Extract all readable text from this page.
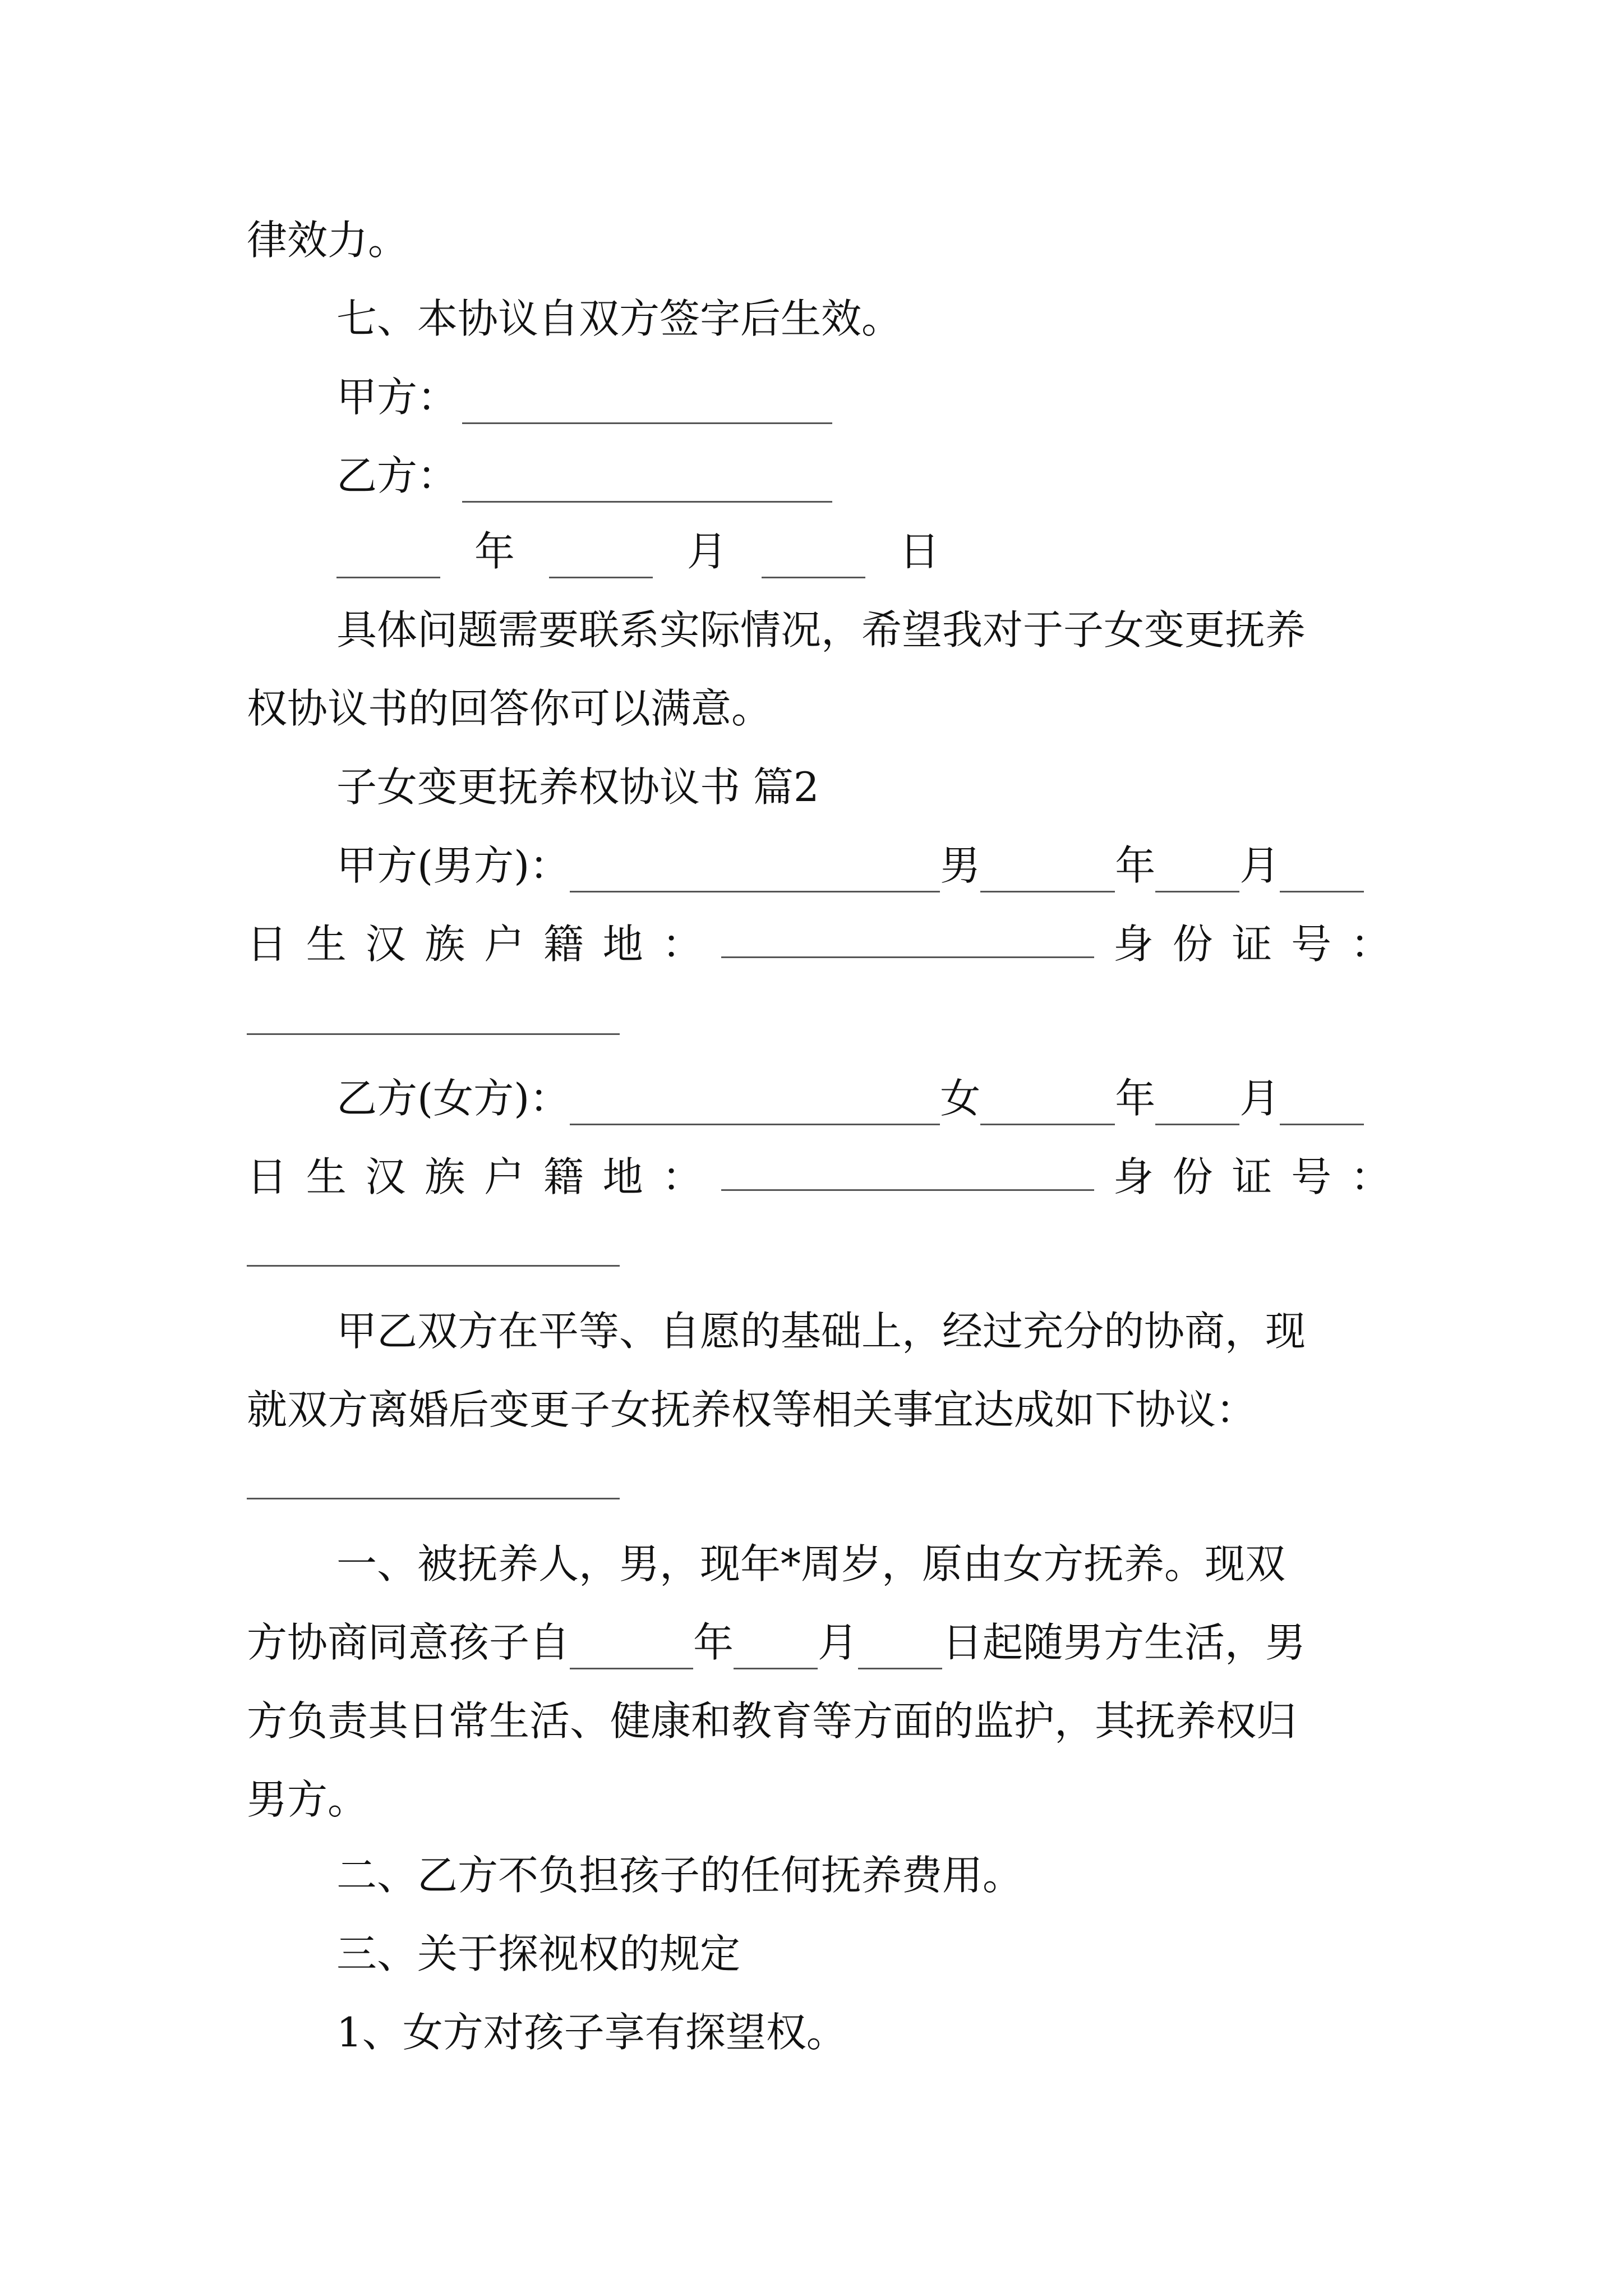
律效力。
七、本协议自双方签字后生效。
甲方：
乙方：
年	月	日
具体问题需要联系实际情况，希望我对于子女变更抚养
权协议书的回答你可以满意。
子女变更抚养权协议书 篇2
甲方(男方)：	男	年 月
日 生 汉 族 户 籍 地 ：	身 份 证 号 ：
乙方(女方)：	女	年 月
日 生 汉 族 户 籍 地 ：	身 份 证 号 ：
甲乙双方在平等、自愿的基础上，经过充分的协商，现
就双方离婚后变更子女抚养权等相关事宜达成如下协议：
一、被抚养人，男，现年*周岁，原由女方抚养。现双
方协商同意孩子自	年 月 日起随男方生活，男
方负责其日常生活、健康和教育等方面的监护，其抚养权归
男方。
二、乙方不负担孩子的任何抚养费用。
三、关于探视权的规定
1、女方对孩子享有探望权。
